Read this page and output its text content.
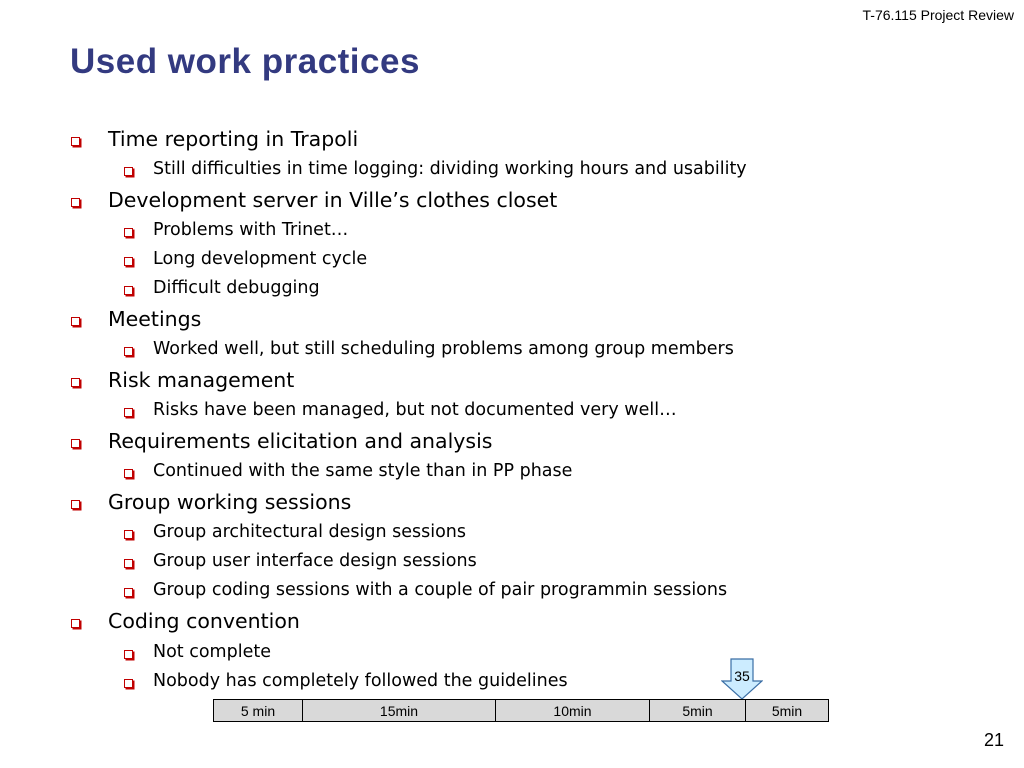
T-76.115 Project Review
Used work practices
Time reporting in Trapoli
Still difficulties in time logging: dividing working hours and usability
Development server in Ville’s clothes closet
Problems with Trinet…
Long development cycle
Difficult debugging
Meetings
Worked well, but still scheduling problems among group members
Risk management
Risks have been managed, but not documented very well…
Requirements elicitation and analysis
Continued with the same style than in PP phase
Group working sessions
Group architectural design sessions
Group user interface design sessions
Group coding sessions with a couple of pair programmin sessions
Coding convention
Not complete
Nobody has completely followed the guidelines	35
5 min	15min	10min	5min	5min
21
